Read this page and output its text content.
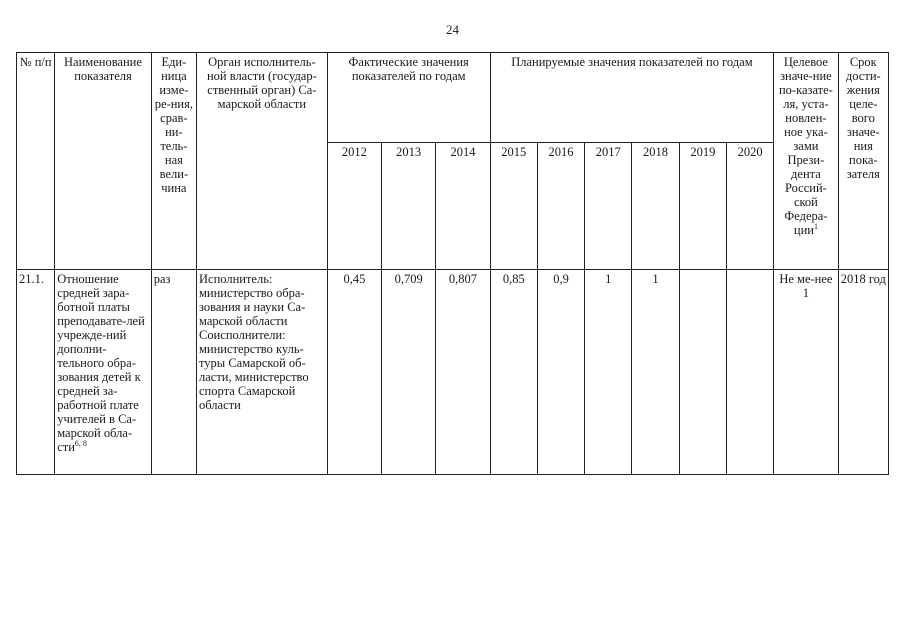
24
№ п/п	Наименование показателя	Еди-ница изме-ре-ния, срав-ни-тель-ная вели-чина	Орган исполнитель-ной власти (государ-ственный орган) Са-марской области	Фактические значения показателей по годам			Планируемые значения показателей по годам						Целевое значе-ние по-казате-ля, уста-новлен-ное ука-зами Прези-дента Россий-ской Федера-ции$^1$	Срок дости-жения целе-вого значе-ния пока-зателя
				2012	2013	2014	2015	2016	2017	2018	2019	2020		
21.1.	Отношение средней зара-ботной платы преподавате-лей учрежде-ний дополни-тельного обра-зования детей к средней за-работной плате учителей в Са-марской обла-сти$^{6, 8}$	раз	Исполнитель: министерство обра-зования и науки Са-марской области Соисполнители: министерство куль-туры Самарской об-ласти, министерство спорта Самарской области	0,45	0,709	0,807	0,85	0,9	1	1			Не ме-нее 1	2018 год
